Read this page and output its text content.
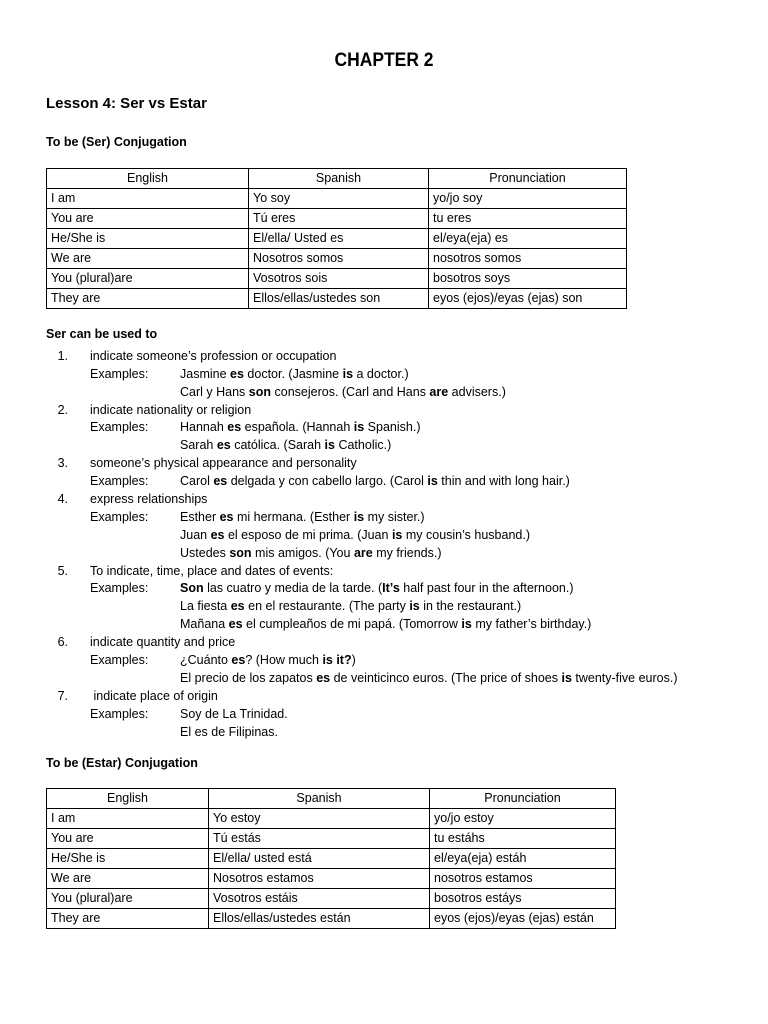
CHAPTER 2
Lesson 4: Ser vs Estar
To be (Ser) Conjugation
English	Spanish	Pronunciation
I am	Yo soy	yo/jo soy
You are	Tú eres	tu eres
He/She is	El/ella/ Usted es	el/eya(eja) es
We are	Nosotros somos	nosotros somos
You (plural)are	Vosotros sois	bosotros soys
They are	Ellos/ellas/ustedes son	eyos (ejos)/eyas (ejas) son
Ser can be used to
1. indicate someone’s profession or occupation
Examples:	Jasmine es doctor. (Jasmine is a doctor.)
Carl y Hans son consejeros. (Carl and Hans are advisers.)
2. indicate nationality or religion
Examples:	Hannah es española. (Hannah is Spanish.)
Sarah es católica. (Sarah is Catholic.)
3. someone’s physical appearance and personality
Examples:	Carol es delgada y con cabello largo. (Carol is thin and with long hair.)
4. express relationships
Examples:	Esther es mi hermana. (Esther is my sister.)
Juan es el esposo de mi prima. (Juan is my cousin’s husband.)
Ustedes son mis amigos. (You are my friends.)
5. To indicate, time, place and dates of events:
Examples:	Son las cuatro y media de la tarde. (It’s half past four in the afternoon.)
La fiesta es en el restaurante. (The party is in the restaurant.)
Mañana es el cumpleaños de mi papá. (Tomorrow is my father’s birthday.)
6. indicate quantity and price
Examples:	¿Cuánto es? (How much is it?)
El precio de los zapatos es de veinticinco euros. (The price of shoes is twenty-five euros.)
7. indicate place of origin
Examples:	Soy de La Trinidad.
El es de Filipinas.
To be (Estar) Conjugation
English	Spanish	Pronunciation
I am	Yo estoy	yo/jo estoy
You are	Tú estás	tu estáhs
He/She is	El/ella/ usted está	el/eya(eja) estáh
We are	Nosotros estamos	nosotros estamos
You (plural)are	Vosotros estáis	bosotros estáys
They are	Ellos/ellas/ustedes están	eyos (ejos)/eyas (ejas) están
